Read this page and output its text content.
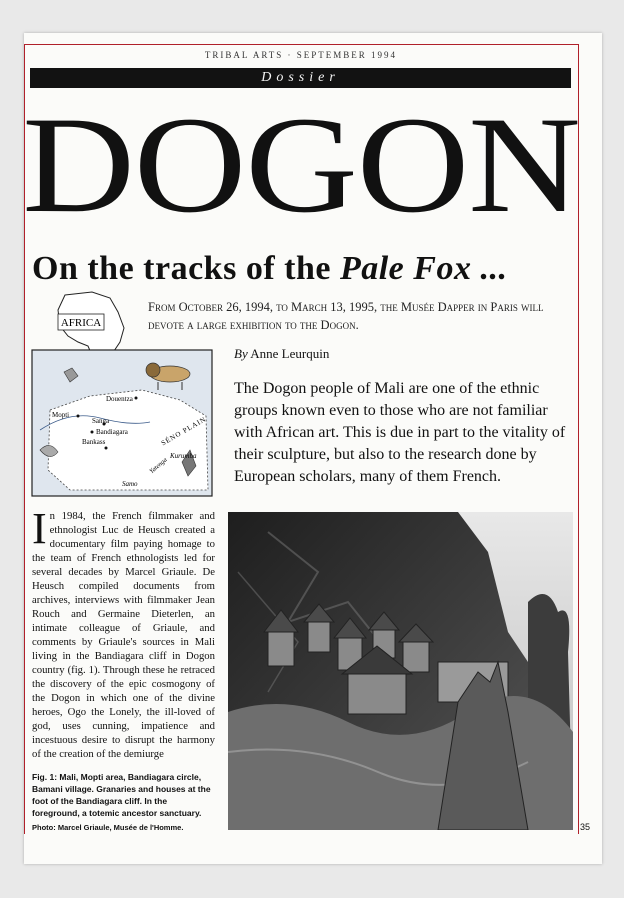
TRIBAL ARTS · SEPTEMBER 1994
Dossier
DOGON
On the tracks of the Pale Fox ...
AFRICA
Douentza
Mopti
Sanga
Bandiagara
Bankass
Samo
Kurumba
Yatenga
SÉNO PLAIN
From October 26, 1994, to March 13, 1995, the Musée Dapper in Paris will devote a large exhibition to the Dogon.
By Anne Leurquin
The Dogon people of Mali are one of the ethnic groups known even to those who are not familiar with African art. This is due in part to the vitality of their sculpture, but also to the research done by European scholars, many of them French.
In 1984, the French filmmaker and ethnologist Luc de Heusch created a documentary film paying homage to the team of French ethnologists led for several decades by Marcel Griaule. De Heusch compiled documents from archives, interviews with filmmaker Jean Rouch and Germaine Dieterlen, an intimate colleague of Griaule, and comments by Griaule's sources in Mali living in the Bandiagara cliff in Dogon country (fig. 1). Through these he retraced the discovery of the epic cosmogony of the Dogon in which one of the divine heroes, Ogo the Lonely, the ill-loved of god, uses cunning, impatience and incestuous desire to disrupt the harmony of the creation of the demiurge
Fig. 1: Mali, Mopti area, Bandiagara circle, Bamani village. Granaries and houses at the foot of the Bandiagara cliff. In the foreground, a totemic ancestor sanctuary.
Photo: Marcel Griaule, Musée de l'Homme.	35
